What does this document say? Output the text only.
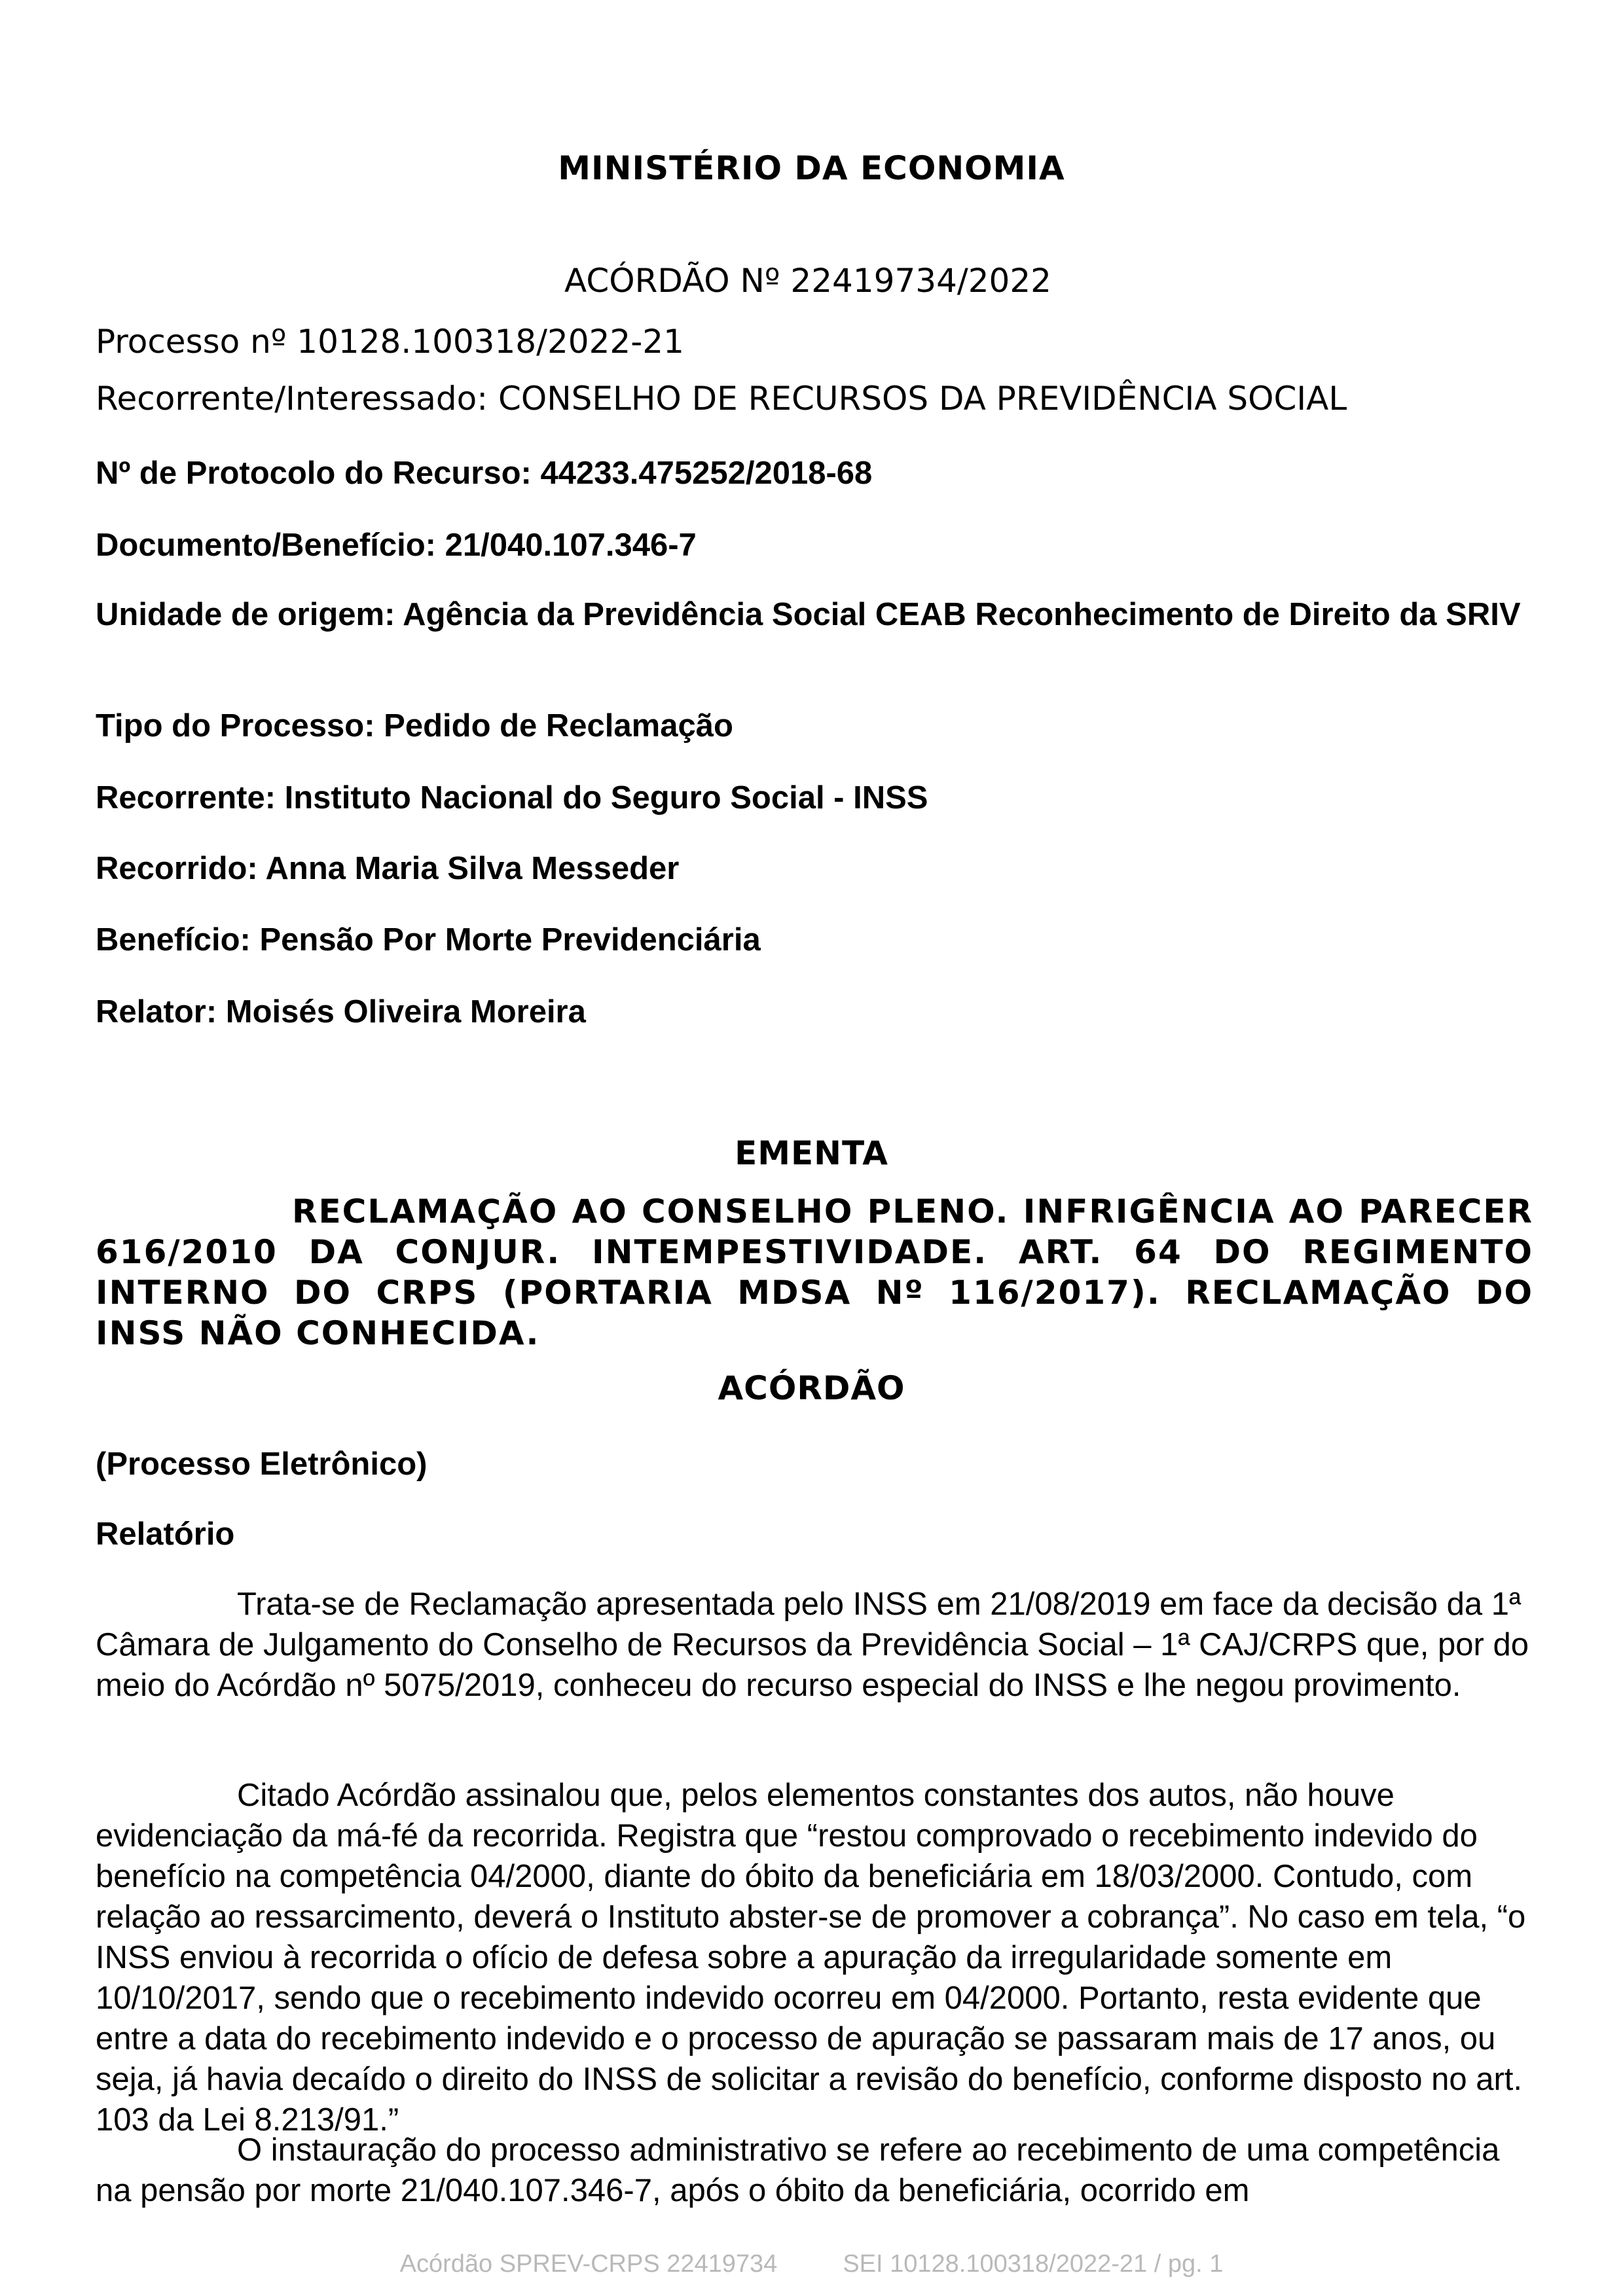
MINISTÉRIO DA ECONOMIA
ACÓRDÃO Nº 22419734/2022
Processo nº 10128.100318/2022-21
Recorrente/Interessado: CONSELHO DE RECURSOS DA PREVIDÊNCIA SOCIAL
Nº de Protocolo do Recurso: 44233.475252/2018-68
Documento/Benefício: 21/040.107.346-7
Unidade de origem: Agência da Previdência Social CEAB Reconhecimento de Direito da SRIV
Tipo do Processo: Pedido de Reclamação
Recorrente: Instituto Nacional do Seguro Social - INSS
Recorrido: Anna Maria Silva Messeder
Benefício: Pensão Por Morte Previdenciária
Relator: Moisés Oliveira Moreira
EMENTA
RECLAMAÇÃO AO CONSELHO PLENO. INFRIGÊNCIA AO PARECER 616/2010 DA CONJUR. INTEMPESTIVIDADE. ART. 64 DO REGIMENTO INTERNO DO CRPS (PORTARIA MDSA Nº 116/2017). RECLAMAÇÃO DO INSS NÃO CONHECIDA.
ACÓRDÃO
(Processo Eletrônico)
Relatório
Trata-se de Reclamação apresentada pelo INSS em 21/08/2019 em face da decisão da 1ª Câmara de Julgamento do Conselho de Recursos da Previdência Social – 1ª CAJ/CRPS que, por do meio do Acórdão nº 5075/2019, conheceu do recurso especial do INSS e lhe negou provimento.
Citado Acórdão assinalou que, pelos elementos constantes dos autos, não houve evidenciação da má-fé da recorrida. Registra que “restou comprovado o recebimento indevido do benefício na competência 04/2000, diante do óbito da beneficiária em 18/03/2000. Contudo, com relação ao ressarcimento, deverá o Instituto abster-se de promover a cobrança”. No caso em tela, “o INSS enviou à recorrida o ofício de defesa sobre a apuração da irregularidade somente em 10/10/2017, sendo que o recebimento indevido ocorreu em 04/2000. Portanto, resta evidente que entre a data do recebimento indevido e o processo de apuração se passaram mais de 17 anos, ou seja, já havia decaído o direito do INSS de solicitar a revisão do benefício, conforme disposto no art. 103 da Lei 8.213/91.”
O instauração do processo administrativo se refere ao recebimento de uma competência na pensão por morte 21/040.107.346-7, após o óbito da beneficiária, ocorrido em
Acórdão SPREV-CRPS 22419734	SEI 10128.100318/2022-21 / pg. 1
